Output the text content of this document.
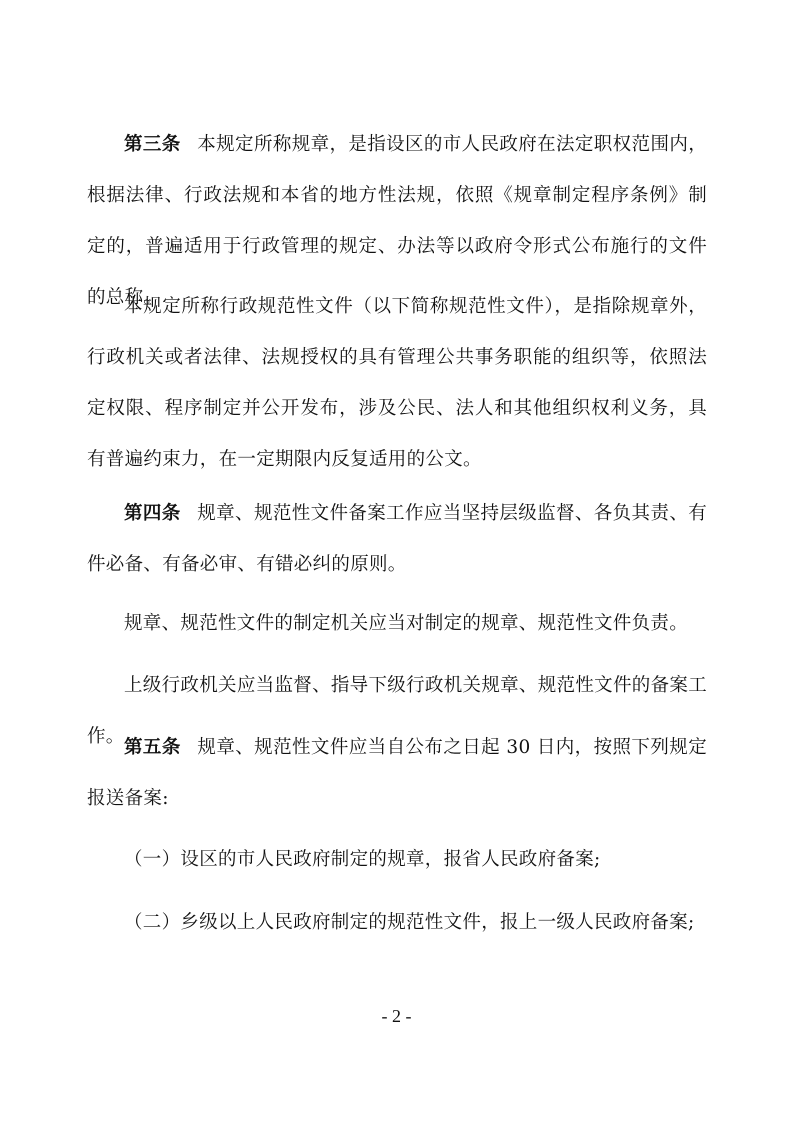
第三条 本规定所称规章，是指设区的市人民政府在法定职权范围内，根据法律、行政法规和本省的地方性法规，依照《规章制定程序条例》制定的，普遍适用于行政管理的规定、办法等以政府令形式公布施行的文件的总称。

本规定所称行政规范性文件（以下简称规范性文件），是指除规章外，行政机关或者法律、法规授权的具有管理公共事务职能的组织等，依照法定权限、程序制定并公开发布，涉及公民、法人和其他组织权利义务，具有普遍约束力，在一定期限内反复适用的公文。

第四条 规章、规范性文件备案工作应当坚持层级监督、各负其责、有件必备、有备必审、有错必纠的原则。

规章、规范性文件的制定机关应当对制定的规章、规范性文件负责。

上级行政机关应当监督、指导下级行政机关规章、规范性文件的备案工作。

第五条 规章、规范性文件应当自公布之日起 30 日内，按照下列规定报送备案:

（一）设区的市人民政府制定的规章，报省人民政府备案;

（二）乡级以上人民政府制定的规范性文件，报上一级人民政府备案;

- 2 -
